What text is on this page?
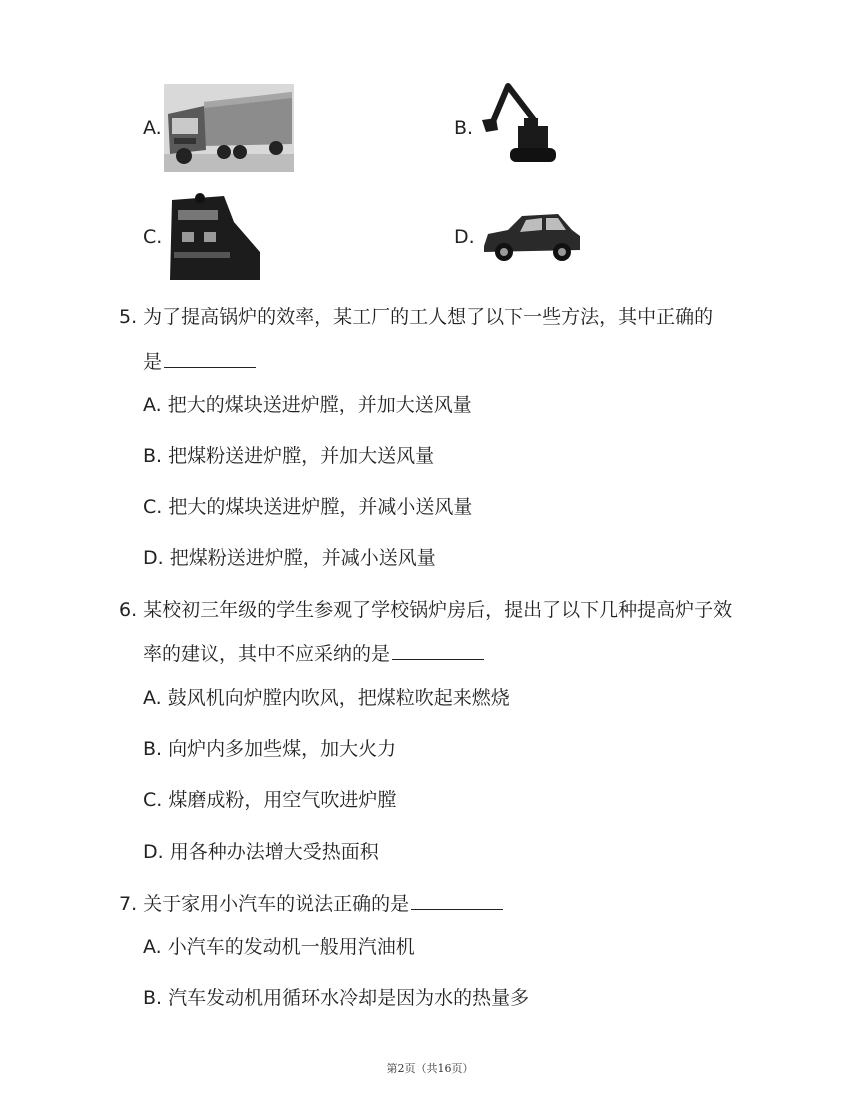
A.	B.
C.	D.
5. 为了提高锅炉的效率，某工厂的工人想了以下一些方法，其中正确的
是
A. 把大的煤块送进炉膛，并加大送风量
B. 把煤粉送进炉膛，并加大送风量
C. 把大的煤块送进炉膛，并减小送风量
D. 把煤粉送进炉膛，并减小送风量
6. 某校初三年级的学生参观了学校锅炉房后，提出了以下几种提高炉子效
率的建议，其中不应采纳的是
A. 鼓风机向炉膛内吹风，把煤粒吹起来燃烧
B. 向炉内多加些煤，加大火力
C. 煤磨成粉，用空气吹进炉膛
D. 用各种办法增大受热面积
7. 关于家用小汽车的说法正确的是
A. 小汽车的发动机一般用汽油机
B. 汽车发动机用循环水冷却是因为水的热量多
第2页（共16页）
